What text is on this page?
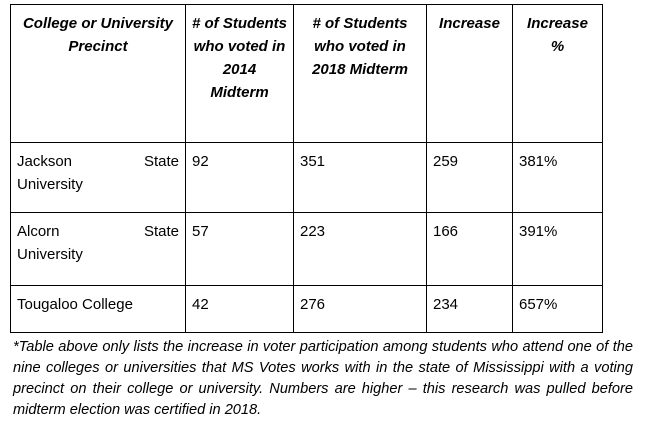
College or University Precinct	# of Students who voted in 2014 Midterm	# of Students who voted in 2018 Midterm	Increase	Increase %

Jackson State
University	92	351	259	381%

Alcorn State
University	57	223	166	391%
Tougaloo College	42	276	234	657%

*Table above only lists the increase in voter participation among students who attend one of the nine colleges or universities that MS Votes works with in the state of Mississippi with a voting precinct on their college or university. Numbers are higher – this research was pulled before midterm election was certified in 2018.
